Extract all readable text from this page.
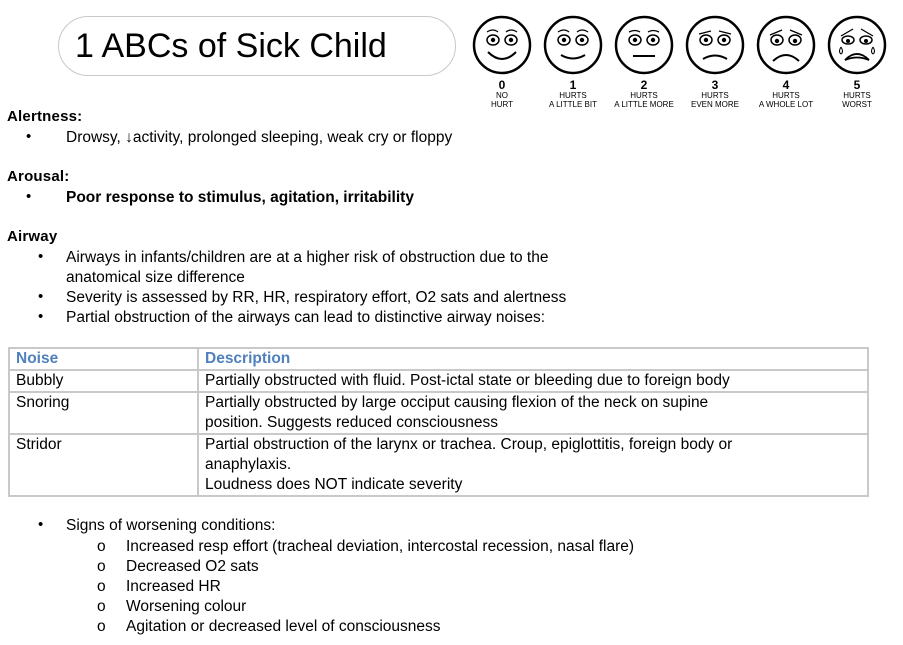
1 ABCs of Sick Child
0
NO
HURT
1
HURTS
A LITTLE BIT
2
HURTS
A LITTLE MORE
3
HURTS
EVEN MORE
4
HURTS
A WHOLE LOT
5
HURTS
WORST
Alertness:
• Drowsy, ↓activity, prolonged sleeping, weak cry or floppy
Arousal:
• Poor response to stimulus, agitation, irritability
Airway
• Airways in infants/children are at a higher risk of obstruction due to the
anatomical size difference
• Severity is assessed by RR, HR, respiratory effort, O2 sats and alertness
• Partial obstruction of the airways can lead to distinctive airway noises:
Noise	Description
Bubbly	Partially obstructed with fluid. Post-ictal state or bleeding due to foreign body

Snoring	Partially obstructed by large occiput causing flexion of the neck on supine
position. Suggests reduced consciousness

Stridor	Partial obstruction of the larynx or trachea. Croup, epiglottitis, foreign body or
anaphylaxis.
Loudness does NOT indicate severity
• Signs of worsening conditions:
o Increased resp effort (tracheal deviation, intercostal recession, nasal flare)
o Decreased O2 sats
o Increased HR
o Worsening colour
o Agitation or decreased level of consciousness
